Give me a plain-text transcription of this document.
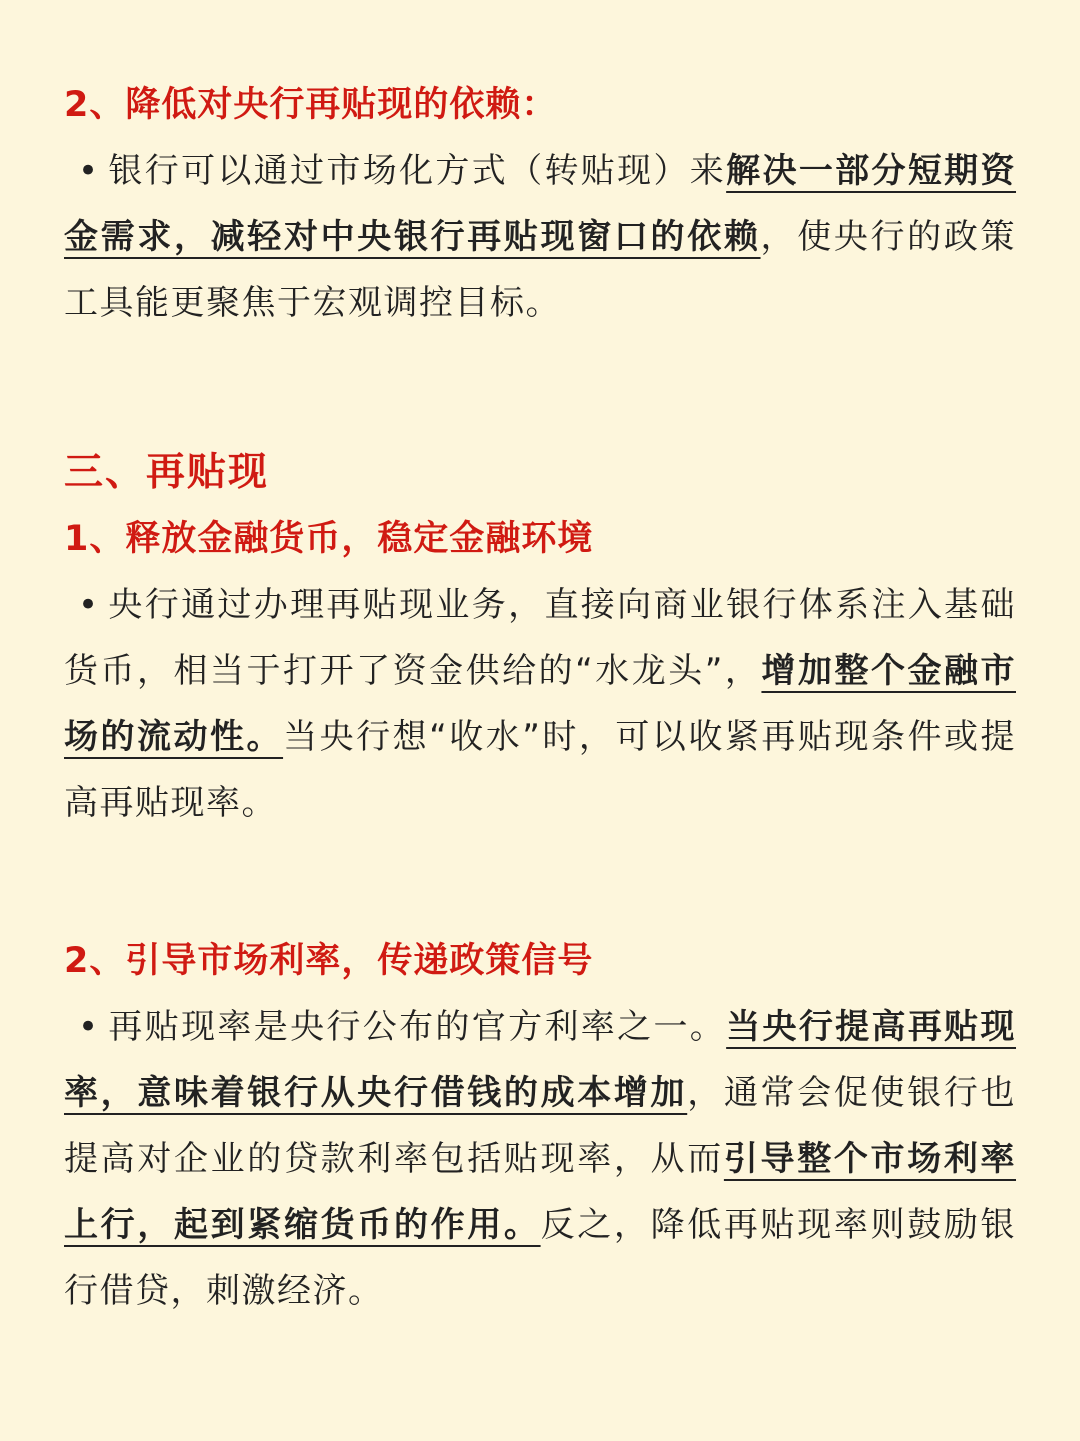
2、降低对央行再贴现的依赖：

• 银行可以通过市场化方式（转贴现）来解决一部分短期资金需求，减轻对中央银行再贴现窗口的依赖，使央行的政策工具能更聚焦于宏观调控目标。

三、再贴现
1、释放金融货币，稳定金融环境

• 央行通过办理再贴现业务，直接向商业银行体系注入基础货币，相当于打开了资金供给的“水龙头”，增加整个金融市场的流动性。当央行想“收水”时，可以收紧再贴现条件或提高再贴现率。

2、引导市场利率，传递政策信号

• 再贴现率是央行公布的官方利率之一。当央行提高再贴现率，意味着银行从央行借钱的成本增加，通常会促使银行也提高对企业的贷款利率包括贴现率，从而引导整个市场利率上行，起到紧缩货币的作用。反之，降低再贴现率则鼓励银行借贷，刺激经济。
